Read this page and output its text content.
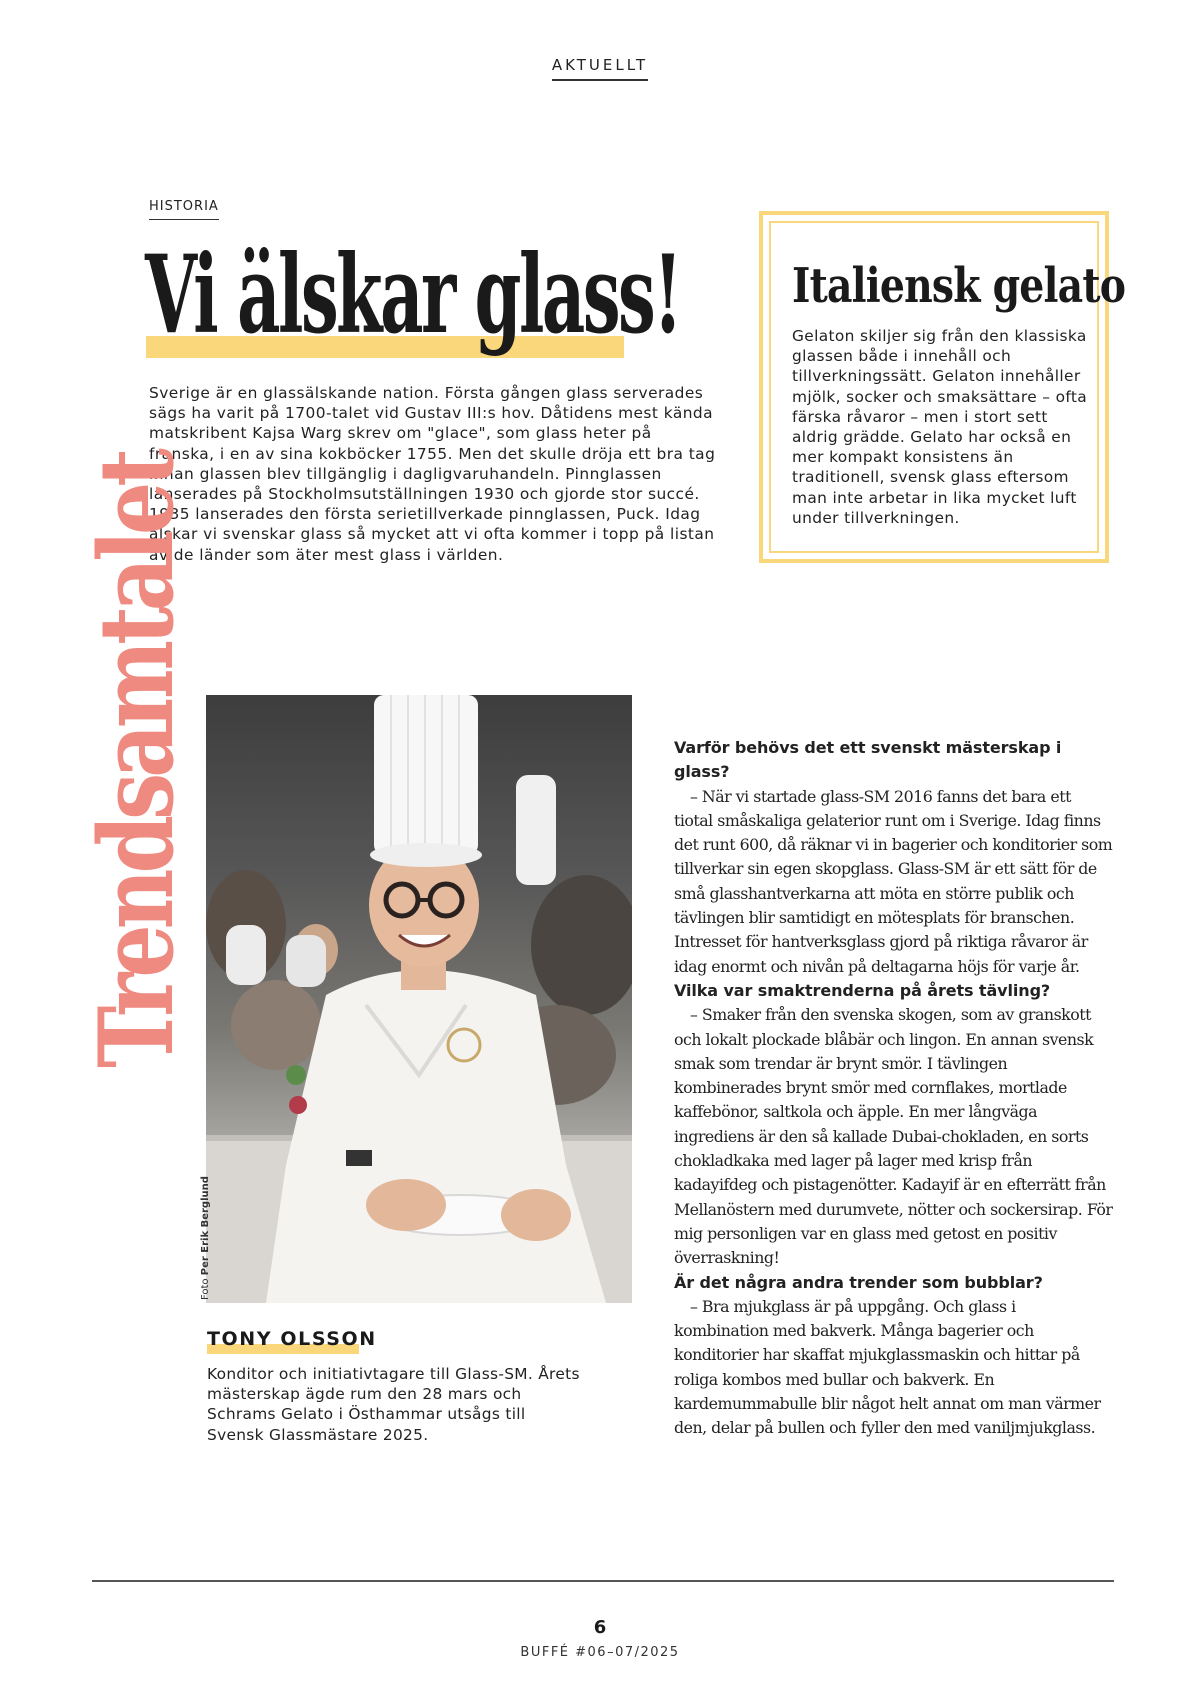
AKTUELLT
HISTORIA
Vi älskar glass!

Sverige är en glassälskande nation. Första gången glass serverades sägs ha varit på 1700-talet vid Gustav III:s hov. Dåtidens mest kända matskribent Kajsa Warg skrev om "glace", som glass heter på franska, i en av sina kokböcker 1755. Men det skulle dröja ett bra tag innan glassen blev tillgänglig i dagligvaruhandeln. Pinnglassen lanserades på Stockholmsutställningen 1930 och gjorde stor succé. 1935 lanserades den första serietillverkade pinnglassen, Puck. Idag älskar vi svenskar glass så mycket att vi ofta kommer i topp på listan av de länder som äter mest glass i världen.

Italiensk gelato

Gelaton skiljer sig från den klassiska glassen både i innehåll och tillverkningssätt. Gelaton innehåller mjölk, socker och smaksättare – ofta färska råvaror – men i stort sett aldrig grädde. Gelato har också en mer kompakt konsistens än traditionell, svensk glass eftersom man inte arbetar in lika mycket luft under tillverkningen.

Trendsamtalet
Foto Per Erik Berglund
TONY OLSSON

Konditor och initiativtagare till Glass-SM. Årets mästerskap ägde rum den 28 mars och Schrams Gelato i Östhammar utsågs till Svensk Glassmästare 2025.

Varför behövs det ett svenskt mästerskap i glass?

– När vi startade glass-SM 2016 fanns det bara ett tiotal småskaliga gelaterior runt om i Sverige. Idag finns det runt 600, då räknar vi in bagerier och konditorier som tillverkar sin egen skopglass. Glass-SM är ett sätt för de små glasshantverkarna att möta en större publik och tävlingen blir samtidigt en mötesplats för branschen. Intresset för hantverksglass gjord på riktiga råvaror är idag enormt och nivån på deltagarna höjs för varje år.

Vilka var smaktrenderna på årets tävling?

– Smaker från den svenska skogen, som av granskott och lokalt plockade blåbär och lingon. En annan svensk smak som trendar är brynt smör. I tävlingen kombinerades brynt smör med cornflakes, mortlade kaffebönor, saltkola och äpple. En mer långväga ingrediens är den så kallade Dubai-chokladen, en sorts chokladkaka med lager på lager med krisp från kadayifdeg och pistagenötter. Kadayif är en efterrätt från Mellanöstern med durumvete, nötter och sockersirap. För mig personligen var en glass med getost en positiv överraskning!

Är det några andra trender som bubblar?

– Bra mjukglass är på uppgång. Och glass i kombination med bakverk. Många bagerier och konditorier har skaffat mjukglassmaskin och hittar på roliga kombos med bullar och bakverk. En kardemummabulle blir något helt annat om man värmer den, delar på bullen och fyller den med vaniljmjukglass.

6
BUFFÉ #06–07/2025
